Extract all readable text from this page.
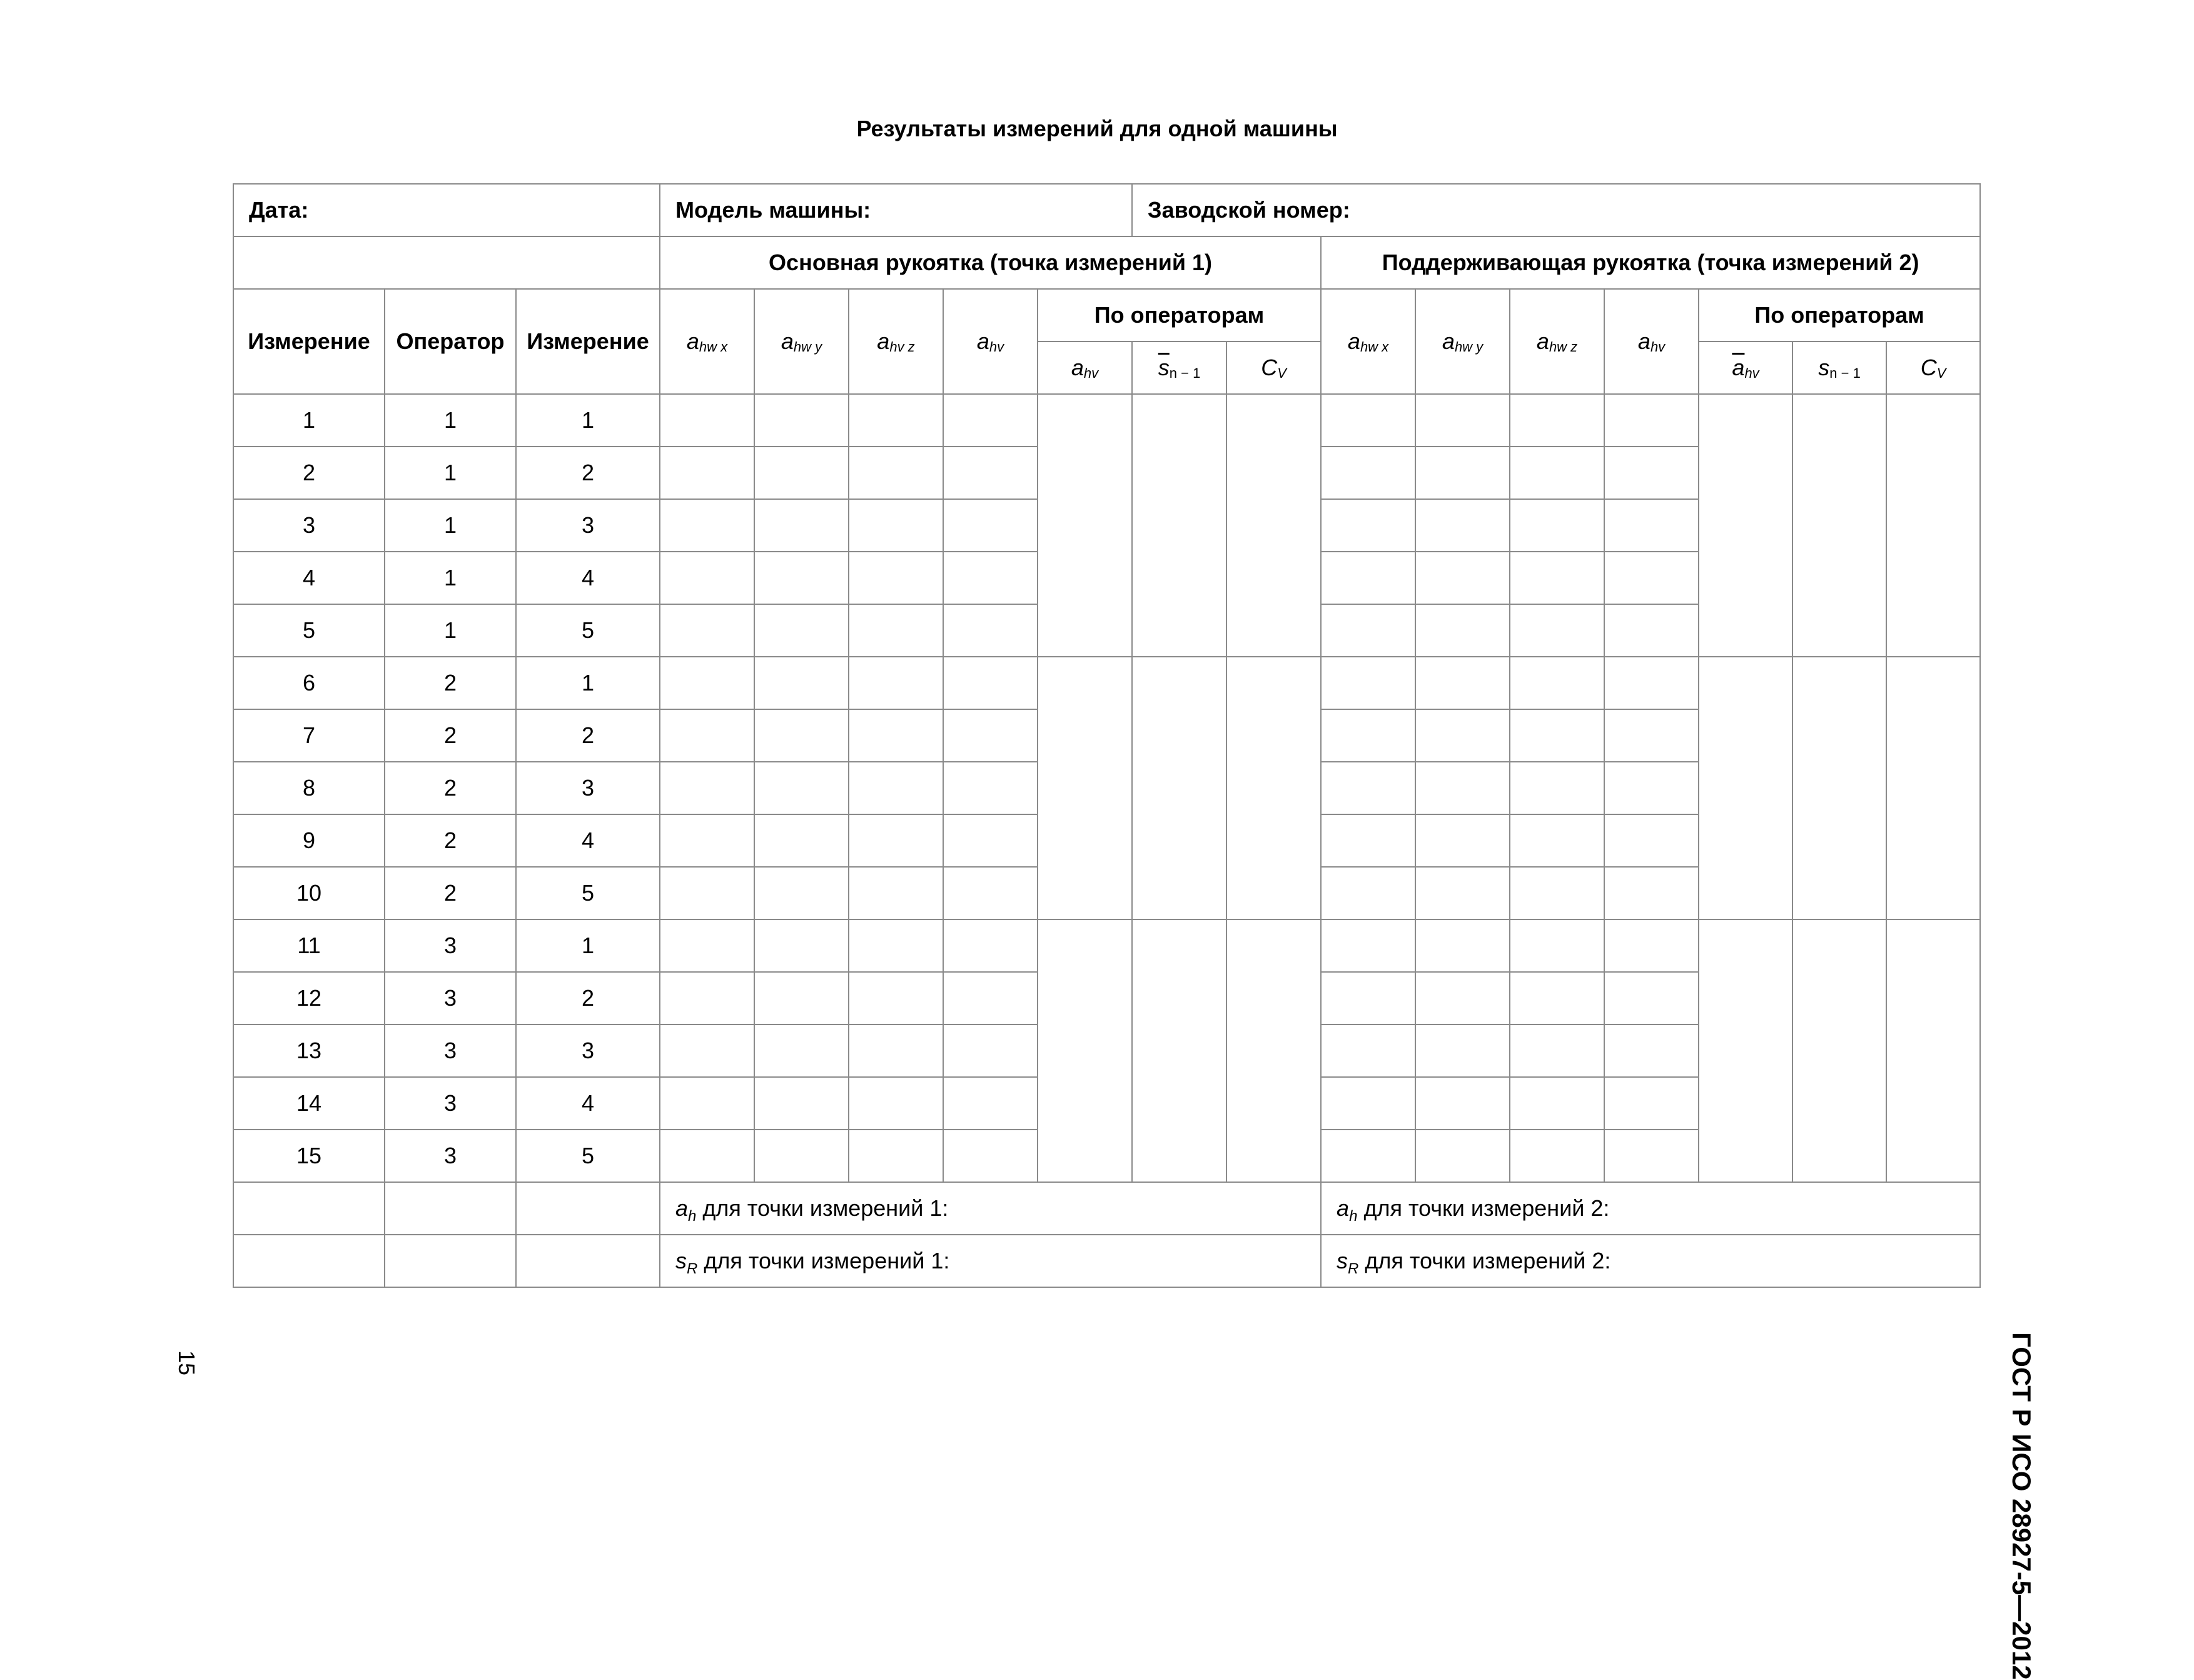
Результаты измерений для одной машины
Дата:			Модель машины:					Заводской номер:								
			Основная рукоятка (точка измерений 1)							Поддерживающая рукоятка (точка измерений 2)						
Измерение	Оператор	Измерение	$a_{hw x}$	$a_{hw y}$	$a_{hv z}$	$a_{hv}$	По операторам			$a_{hw x}$	$a_{hw y}$	$a_{hw z}$	$a_{hv}$	По операторам		
							$a_{hv}$	$\overline{s}_{n - 1}$	$C_V$					$\overline{a}_{hv}$	$s_{n - 1}$	$C_V$
1	1	1														
2	1	2														
3	1	3														
4	1	4														
5	1	5														
6	2	1														
7	2	2														
8	2	3														
9	2	4														
10	2	5														
11	3	1														
12	3	2														
13	3	3														
14	3	4														
15	3	5														
			$a_h$ для точки измерений 1:							$a_h$ для точки измерений 2:						
			$s_R$ для точки измерений 1:							$s_R$ для точки измерений 2:						
15	ГОСТ Р ИСО 28927-5—2012
